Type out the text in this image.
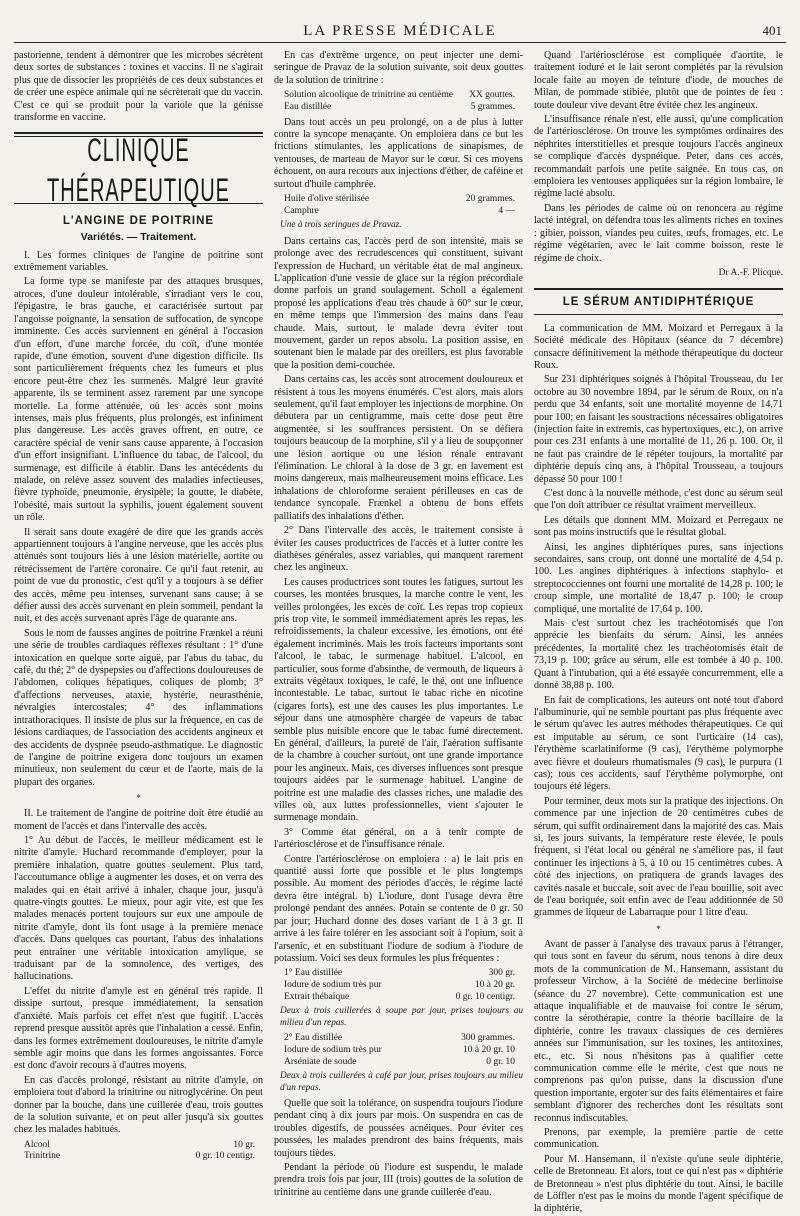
LA PRESSE MÉDICALE	401

pastorienne, tendent à démontrer que les microbes sécrètent deux sortes de substances : toxines et vaccins. Il ne s'agirait plus que de dissocier les propriétés de ces deux substances et de créer une espèce animale qui ne sécrèterait que du vaccin. C'est ce qui se produit pour la variole que la génisse transforme en vaccine.

CLINIQUE THÉRAPEUTIQUE
L'ANGINE DE POITRINE
Variétés. — Traitement.

I. Les formes cliniques de l'angine de poitrine sont extrêmement variables.

La forme type se manifeste par des attaques brusques, atroces, d'une douleur intolérable, s'irradiant vers le cou, l'épigastre, le bras gauche, et caractérisée surtout par l'angoisse poignante, la sensation de suffocation, de syncope imminente. Ces accès surviennent en général à l'occasion d'un effort, d'une marche forcée, du coït, d'une montée rapide, d'une émotion, souvent d'une digestion difficile. Ils sont particulièrement fréquents chez les fumeurs et plus encore peut-être chez les surmenés. Malgré leur gravité apparente, ils se terminent assez rarement par une syncope mortelle. La forme atténuée, où les accès sont moins intenses, mais plus fréquents, plus prolongés, est infiniment plus dangereuse. Les accès graves offrent, en outre, ce caractère spécial de venir sans cause apparente, à l'occasion d'un effort insignifiant. L'influence du tabac, de l'alcool, du surmenage, est difficile à établir. Dans les antécédents du malade, on relève assez souvent des maladies infectieuses, fièvre typhoïde, pneumonie, érysipèle; la goutte, le diabète, l'obésité, mais surtout la syphilis, jouent également souvent un rôle.

Il serait sans doute exagéré de dire que les grands accès appartiennent toujours à l'angine nerveuse, que les accès plus atténués sont toujours liés à une lésion matérielle, aortite ou rétrécissement de l'artère coronaire. Ce qu'il faut retenir, au point de vue du pronostic, c'est qu'il y a toujours à se défier des accès, même peu intenses, survenant sans cause; à se défier aussi des accès survenant en plein sommeil, pendant la nuit, et des accès survenant après l'âge de quarante ans.

Sous le nom de fausses angines de poitrine Frænkel a réuni une série de troubles cardiaques réflexes résultant : 1° d'une intoxication en quelque sorte aiguë, par l'abus du tabac, du café, du thé; 2° de dyspepsies ou d'affections douloureuses de l'abdomen, coliques hépatiques, coliques de plomb; 3° d'affections nerveuses, ataxie, hystérie, neurasthénie, névralgies intercostales; 4° des inflammations intrathoraciques. Il insiste de plus sur la fréquence, en cas de lésions cardiaques, de l'association des accidents angineux et des accidents de dyspnée pseudo-asthmatique. Le diagnostic de l'angine de poitrine exigera donc toujours un examen minutieux, non seulement du cœur et de l'aorte, mais de la plupart des organes.

*

II. Le traitement de l'angine de poitrine doit être étudié au moment de l'accès et dans l'intervalle des accès.

1° Au début de l'accès, le meilleur médicament est le nitrite d'amyle. Huchard recommande d'employer, pour la première inhalation, quatre gouttes seulement. Plus tard, l'accoutumance oblige à augmenter les doses, et on verra des malades qui en était arrivé à inhaler, chaque jour, jusqu'à quatre-vingts gouttes. Le mieux, pour agir vite, est que les malades menacés portent toujours sur eux une ampoule de nitrite d'amyle, dont ils font usage à la première menace d'accès. Dans quelques cas pourtant, l'abus des inhalations peut entraîner une véritable intoxication amylique, se traduisant par de la somnolence, des vertiges, des hallucinations.

L'effet du nitrite d'amyle est en général très rapide. Il dissipe surtout, presque immédiatement, la sensation d'anxiété. Mais parfois cet effet n'est que fugitif. L'accès reprend presque aussitôt après que l'inhalation a cessé. Enfin, dans les formes extrêmement douloureuses, le nitrite d'amyle semble agir moins que dans les formes angoissantes. Force est donc d'avoir recours à d'autres moyens.

En cas d'accès prolongé, résistant au nitrite d'amyle, on emploiera tout d'abord la trinitrine ou nitroglycérine. On peut donner par la bouche, dans une cuillerée d'eau, trois gouttes de la solution suivante, et on peut aller jusqu'à six gouttes chez les malades habitués.

Alcool	10 gr.
Trinitrine	0 gr. 10 centigr.

En cas d'extrême urgence, on peut injecter une demi-seringue de Pravaz de la solution suivante, soit deux gouttes de la solution de trinitrine :

Solution alcoolique de trinitrine au centième XX gouttes.
Eau distillée	5 grammes.

Dans tout accès un peu prolongé, on a de plus à lutter contre la syncope menaçante. On emploiera dans ce but les frictions stimulantes, les applications de sinapismes, de ventouses, de marteau de Mayor sur le cœur. Si ces moyens échouent, on aura recours aux injections d'éther, de caféine et surtout d'huile camphrée.

Huile d'olive stérilisée	20 grammes.
Camphre	4 —
Une à trois seringues de Pravaz.

Dans certains cas, l'accès perd de son intensité, mais se prolonge avec des recrudescences qui constituent, suivant l'expression de Huchard, un véritable état de mal angineux. L'application d'une vessie de glace sur la région précordiale donne parfois un grand soulagement. Scholl a également proposé les applications d'eau très chaude à 60° sur le cœur, en même temps que l'immersion des mains dans l'eau chaude. Mais, surtout, le malade devra éviter tout mouvement, garder un repos absolu. La position assise, en soutenant bien le malade par des oreillers, est plus favorable que la position demi-couchée.

Dans certains cas, les accès sont atrocement douloureux et résistent à tous les moyens énumérés. C'est alors, mais alors seulement, qu'il faut employer les injections de morphine. On débutera par un centigramme, mais cette dose peut être augmentée, si les souffrances persistent. On se défiera toujours beaucoup de la morphine, s'il y a lieu de soupçonner une lésion aortique ou une lésion rénale entravant l'élimination. Le chloral à la dose de 3 gr. en lavement est moins dangereux, mais malheureusement moins efficace. Les inhalations de chloroforme seraient périlleuses en cas de tendance syncopale. Frænkel a obtenu de bons effets palliatifs des inhalations d'éther.

2° Dans l'intervalle des accès, le traitement consiste à éviter les causes productrices de l'accès et à lutter contre les diathèses générales, assez variables, qui manquent rarement chez les angineux.

Les causes productrices sont toutes les fatigues, surtout les courses, les montées brusques, la marche contre le vent, les veilles prolongées, les excès de coït. Les repas trop copieux pris trop vite, le sommeil immédiatement après les repas, les refroidissements, la chaleur excessive, les émotions, ont été également incriminés. Mais les trois facteurs importants sont l'alcool, le tabac, le surmenage habituel. L'alcool, en particulier, sous forme d'absinthe, de vermouth, de liqueurs à extraits végétaux toxiques, le café, le thé, ont une influence incontestable. Le tabac, surtout le tabac riche en nicotine (cigares forts), est une des causes les plus importantes. Le séjour dans une atmosphère chargée de vapeurs de tabac semble plus nuisible encore que le tabac fumé directement. En général, d'ailleurs, la pureté de l'air, l'aération suffisante de la chambre à coucher surtout, ont une grande importance pour les angineux. Mais, ces diverses influences sont presque toujours aidées par le surmenage habituel. L'angine de poitrine est une maladie des classes riches, une maladie des villes où, aux luttes professionnelles, vient s'ajouter le surmenage mondain.

3° Comme état général, on a à tenir compte de l'artériosclérose et de l'insuffisance rénale.

Contre l'artériosclérose on emploiera : a) le lait pris en quantité aussi forte que possible et le plus longtemps possible. Au moment des périodes d'accès, le régime lacté devra être intégral. b) L'iodure, dont l'usage devra être prolongé pendant des années. Potain se contente de 0 gr. 50 par jour; Huchard donne des doses variant de 1 à 3 gr. Il arrive à les faire tolérer en les associant soit à l'opium, soit à l'arsenic, et en substituant l'iodure de sodium à l'iodure de potassium. Voici ses deux formules les plus fréquentes :

1° Eau distillée	300 gr.
Iodure de sodium très pur	10 à 20 gr.
Extrait thébaïque	0 gr. 10 centigr.
Deux à trois cuillerées à soupe par jour, prises toujours au milieu d'un repas.
2° Eau distillée	300 grammes.
Iodure de sodium très pur	10 à 20 gr. 10
Arséniate de soude	0 gr. 10
Deux à trois cuillerées à café par jour, prises toujours au milieu d'un repas.

Quelle que soit la tolérance, on suspendra toujours l'iodure pendant cinq à dix jours par mois. On suspendra en cas de troubles digestifs, de poussées acnéiques. Pour éviter ces poussées, les malades prendront des bains fréquents, mais toujours tièdes.

Pendant la période où l'iodure est suspendu, le malade prendra trois fois par jour, III (trois) gouttes de la solution de trinitrine au centième dans une grande cuillerée d'eau.

Quand l'artériosclérose est compliquée d'aortite, le traitement ioduré et le lait seront complétés par la révulsion locale faite au moyen de teinture d'iode, de mouches de Milan, de pommade stibiée, plutôt que de pointes de feu : toute douleur vive devant être évitée chez les angineux.

L'insuffisance rénale n'est, elle aussi, qu'une complication de l'artériosclérose. On trouve les symptômes ordinaires des néphrites interstitielles et presque toujours l'accès angineux se complique d'accès dyspnéique. Peter, dans ces accès, recommandait parfois une petite saignée. En tous cas, on emploiera les ventouses appliquées sur la région lombaire, le régime lacté absolu.

Dans les périodes de calme où on renoncera au régime lacté intégral, on défendra tous les aliments riches en toxines : gibier, poisson, viandes peu cuites, œufs, fromages, etc. Le régime végétarien, avec le lait comme boisson, reste le régime de choix.

Dr A.-F. Plicque.
LE SÉRUM ANTIDIPHTÉRIQUE

La communication de MM. Moizard et Perregaux à la Société médicale des Hôpitaux (séance du 7 décembre) consacre définitivement la méthode thérapeutique du docteur Roux.

Sur 231 diphtériques soignés à l'hôpital Trousseau, du 1er octobre au 30 novembre 1894, par le sérum de Roux, on n'a perdu que 34 enfants, soit une mortalité moyenne de 14,71 pour 100; en faisant les soustractions nécessaires obligatoires (injection faite in extremis, cas hypertoxiques, etc.), on arrive pour ces 231 enfants à une mortalité de 11, 26 p. 100. Or, il ne faut pas craindre de le répéter toujours, la mortalité par diphtérie depuis cinq ans, à l'hôpital Trousseau, a toujours dépassé 50 pour 100 !

C'est donc à la nouvelle méthode, c'est donc au sérum seul que l'on doit attribuer ce résultat vraiment merveilleux.

Les détails que donnent MM. Moizard et Perregaux ne sont pas moins instructifs que le résultat global.

Ainsi, les angines diphtériques pures, sans injections secondaires, sans croup, ont donné une mortalité de 4,54 p. 100. Les angines diphtériques à infections staphylo- et streptococciennes ont fourni une mortalité de 14,28 p. 100; le croup simple, une mortalité de 18,47 p. 100; le croup compliqué, une mortalité de 17,64 p. 100.

Mais c'est surtout chez les trachéotomisés que l'on apprécie les bienfaits du sérum. Ainsi, les années précédentes, la mortalité chez les trachéotomisés était de 73,19 p. 100; grâce au sérum, elle est tombée à 40 p. 100. Quant à l'intubation, qui a été essayée concurremment, elle a donné 38,88 p. 100.

En fait de complications, les auteurs ont noté tout d'abord l'albuminurie, qui ne semble pourtant pas plus fréquente avec le sérum qu'avec les autres méthodes thérapeutiques. Ce qui est imputable au sérum, ce sont l'urticaire (14 cas), l'érythème scarlatiniforme (9 cas), l'érythème polymorphe avec fièvre et douleurs rhumatismales (9 cas), le purpura (1 cas); tous ces accidents, sauf l'érythème polymorphe, ont toujours été légers.

Pour terminer, deux mots sur la pratique des injections. On commence par une injection de 20 centimètres cubes de sérum, qui suffit ordinairement dans la majorité des cas. Mais si, les jours suivants, la température reste élevée, le pouls fréquent, si l'état local ou général ne s'améliore pas, il faut continuer les injections à 5, à 10 ou 15 centimètres cubes. A côté des injections, on pratiquera de grands lavages des cavités nasale et buccale, soit avec de l'eau bouillie, soit avec de l'eau boriquée, soit enfin avec de l'eau additionnée de 50 grammes de liqueur de Labarraque pour 1 litre d'eau.

*

Avant de passer à l'analyse des travaux parus à l'étranger, qui tous sont en faveur du sérum, nous tenons à dire deux mots de la communication de M. Hansemann, assistant du professeur Virchow, à la Société de médecine berlinoise (séance du 27 novembre). Cette communication est une attaque inqualifiable et de mauvaise foi contre le sérum, contre la sérothérapie, contre la théorie bacillaire de la diphtérie, contre les travaux classiques de ces dernières années sur l'immunisation, sur les toxines, les antitoxines, etc., etc. Si nous n'hésitons pas à qualifier cette communication comme elle le mérite, c'est que nous ne comprenons pas qu'on puisse, dans la discussion d'une question importante, ergoter sur des faits élémentaires et faire semblant d'ignorer des recherches dont les résultats sont reconnus indiscutables.

Prenons, par exemple, la première partie de cette communication.

Pour M. Hansemann, il n'existe qu'une seule diphtérie, celle de Bretonneau. Et alors, tout ce qui n'est pas « diphtérie de Bretonneau » n'est plus diphtérie du tout. Ainsi, le bacille de Löffler n'est pas le moins du monde l'agent spécifique de la diphtérie,
